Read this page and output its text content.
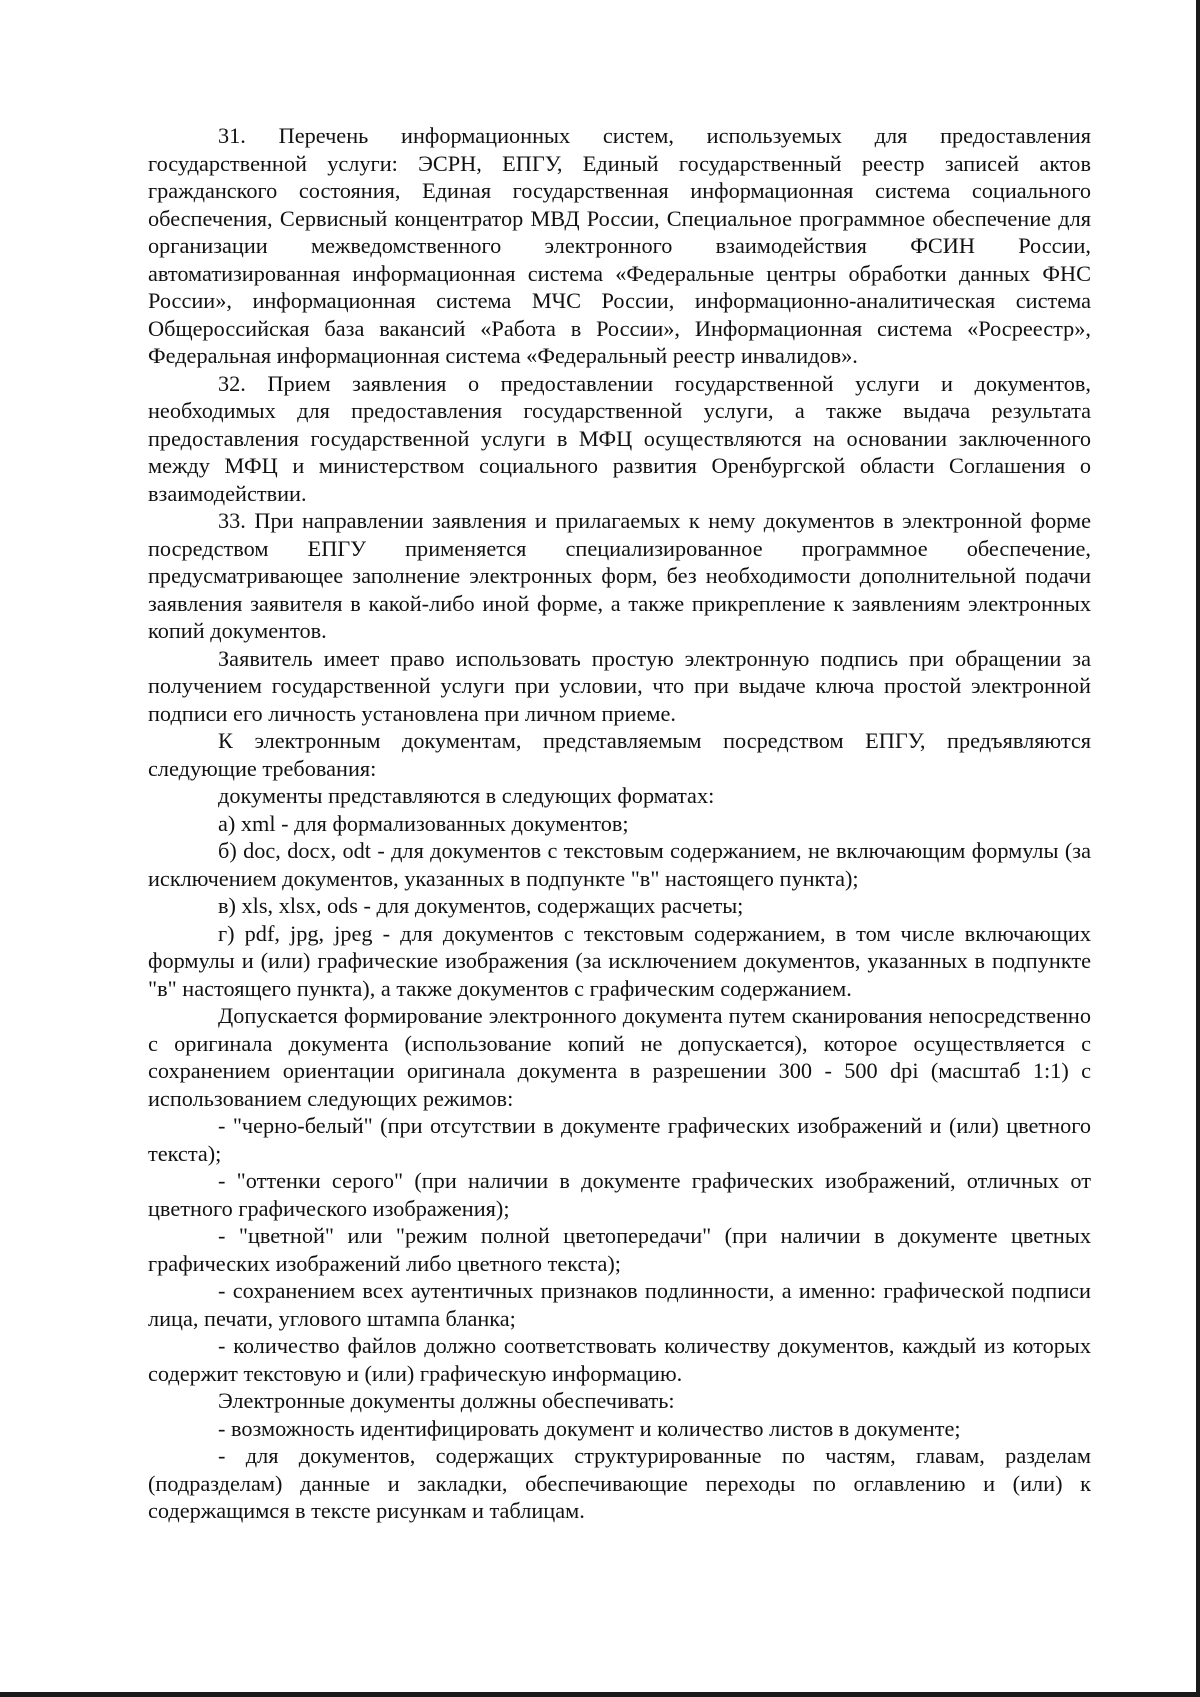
31. Перечень информационных систем, используемых для предоставления государственной услуги: ЭСРН, ЕПГУ, Единый государственный реестр записей актов гражданского состояния, Единая государственная информационная система социального обеспечения, Сервисный концентратор МВД России, Специальное программное обеспечение для организации межведомственного электронного взаимодействия ФСИН России, автоматизированная информационная система «Федеральные центры обработки данных ФНС России», информационная система МЧС России, информационно-аналитическая система Общероссийская база вакансий «Работа в России», Информационная система «Росреестр», Федеральная информационная система «Федеральный реестр инвалидов».

32. Прием заявления о предоставлении государственной услуги и документов, необходимых для предоставления государственной услуги, а также выдача результата предоставления государственной услуги в МФЦ осуществляются на основании заключенного между МФЦ и министерством социального развития Оренбургской области Соглашения о взаимодействии.

33. При направлении заявления и прилагаемых к нему документов в электронной форме посредством ЕПГУ применяется специализированное программное обеспечение, предусматривающее заполнение электронных форм, без необходимости дополнительной подачи заявления заявителя в какой-либо иной форме, а также прикрепление к заявлениям электронных копий документов.

Заявитель имеет право использовать простую электронную подпись при обращении за получением государственной услуги при условии, что при выдаче ключа простой электронной подписи его личность установлена при личном приеме.

К электронным документам, представляемым посредством ЕПГУ, предъявляются следующие требования:

документы представляются в следующих форматах:

а) xml - для формализованных документов;

б) doc, docx, odt - для документов с текстовым содержанием, не включающим формулы (за исключением документов, указанных в подпункте "в" настоящего пункта);

в) xls, xlsx, ods - для документов, содержащих расчеты;

г) pdf, jpg, jpeg - для документов с текстовым содержанием, в том числе включающих формулы и (или) графические изображения (за исключением документов, указанных в подпункте "в" настоящего пункта), а также документов с графическим содержанием.

Допускается формирование электронного документа путем сканирования непосредственно с оригинала документа (использование копий не допускается), которое осуществляется с сохранением ориентации оригинала документа в разрешении 300 - 500 dpi (масштаб 1:1) с использованием следующих режимов:

- "черно-белый" (при отсутствии в документе графических изображений и (или) цветного текста);

- "оттенки серого" (при наличии в документе графических изображений, отличных от цветного графического изображения);

- "цветной" или "режим полной цветопередачи" (при наличии в документе цветных графических изображений либо цветного текста);

- сохранением всех аутентичных признаков подлинности, а именно: графической подписи лица, печати, углового штампа бланка;

- количество файлов должно соответствовать количеству документов, каждый из которых содержит текстовую и (или) графическую информацию.

Электронные документы должны обеспечивать:

- возможность идентифицировать документ и количество листов в документе;

- для документов, содержащих структурированные по частям, главам, разделам (подразделам) данные и закладки, обеспечивающие переходы по оглавлению и (или) к содержащимся в тексте рисункам и таблицам.
